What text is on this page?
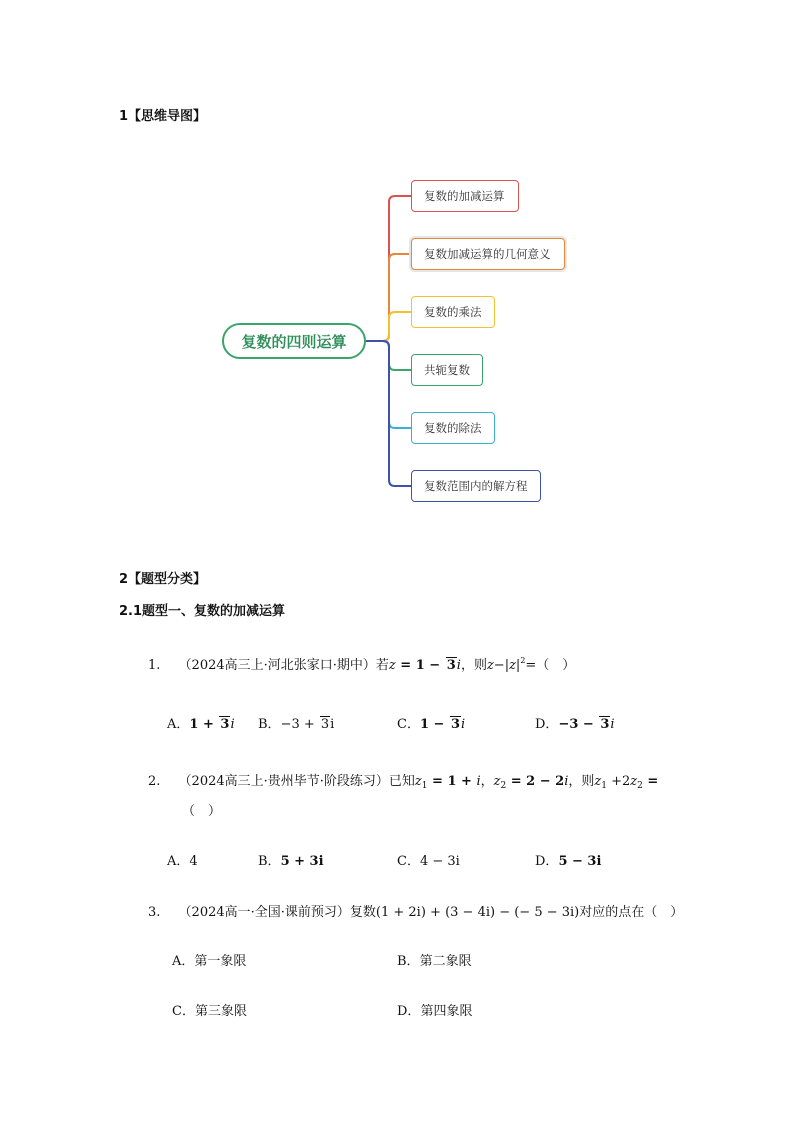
1【思维导图】
复数的四则运算
复数的加减运算
复数加减运算的几何意义
复数的乘法
共轭复数
复数的除法
复数范围内的解方程
2【题型分类】
2.1题型一、复数的加减运算
1. （2024高三上·河北张家口·期中）若z = 1 − 3i，则$z-|z|^2=$（　）
A．1 + 3i B．−3 + 3i	C．1 − 3i	D．−3 − 3i
2. （2024高三上·贵州毕节·阶段练习）已知$z_1 = 1 + i$，$z_2 = 2 - 2i$，则$z_1 +2z_2$ =
（　）
A．4	B．5 + 3i	C．4 − 3i	D．5 − 3i
3. （2024高一·全国·课前预习）复数(1 + 2i) + (3 − 4i) − (− 5 − 3i)对应的点在（　）
A．第一象限	B．第二象限
C．第三象限	D．第四象限
